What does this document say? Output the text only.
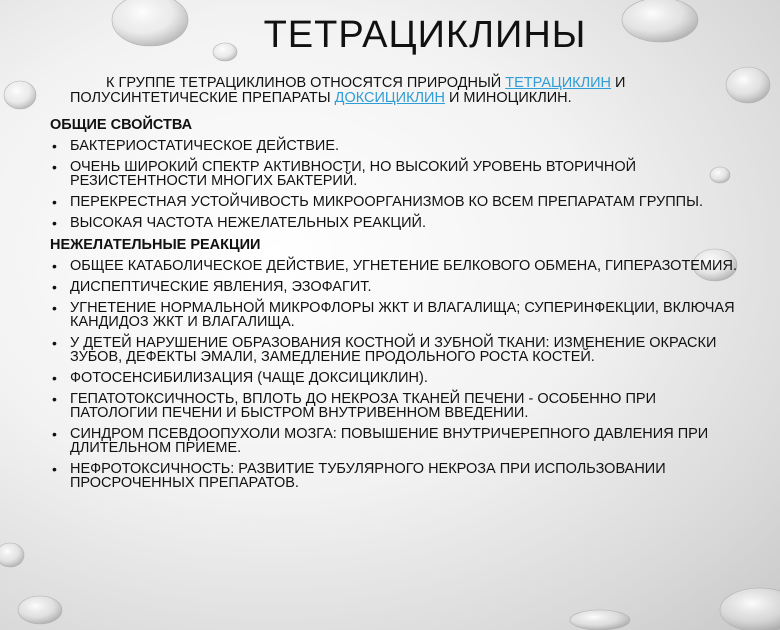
ТЕТРАЦИКЛИНЫ
К ГРУППЕ ТЕТРАЦИКЛИНОВ ОТНОСЯТСЯ ПРИРОДНЫЙ ТЕТРАЦИКЛИН И ПОЛУСИНТЕТИЧЕСКИЕ ПРЕПАРАТЫ ДОКСИЦИКЛИН И МИНОЦИКЛИН.
ОБЩИЕ СВОЙСТВА
• БАКТЕРИОСТАТИЧЕСКОЕ ДЕЙСТВИЕ.
• ОЧЕНЬ ШИРОКИЙ СПЕКТР АКТИВНОСТИ, НО ВЫСОКИЙ УРОВЕНЬ ВТОРИЧНОЙ РЕЗИСТЕНТНОСТИ МНОГИХ БАКТЕРИЙ.
• ПЕРЕКРЕСТНАЯ УСТОЙЧИВОСТЬ МИКРООРГАНИЗМОВ КО ВСЕМ ПРЕПАРАТАМ ГРУППЫ.
• ВЫСОКАЯ ЧАСТОТА НЕЖЕЛАТЕЛЬНЫХ РЕАКЦИЙ.
НЕЖЕЛАТЕЛЬНЫЕ РЕАКЦИИ
• ОБЩЕЕ КАТАБОЛИЧЕСКОЕ ДЕЙСТВИЕ, УГНЕТЕНИЕ БЕЛКОВОГО ОБМЕНА, ГИПЕРАЗОТЕМИЯ.
• ДИСПЕПТИЧЕСКИЕ ЯВЛЕНИЯ, ЭЗОФАГИТ.
• УГНЕТЕНИЕ НОРМАЛЬНОЙ МИКРОФЛОРЫ ЖКТ И ВЛАГАЛИЩА; СУПЕРИНФЕКЦИИ, ВКЛЮЧАЯ КАНДИДОЗ ЖКТ И ВЛАГАЛИЩА.
• У ДЕТЕЙ НАРУШЕНИЕ ОБРАЗОВАНИЯ КОСТНОЙ И ЗУБНОЙ ТКАНИ: ИЗМЕНЕНИЕ ОКРАСКИ ЗУБОВ, ДЕФЕКТЫ ЭМАЛИ, ЗАМЕДЛЕНИЕ ПРОДОЛЬНОГО РОСТА КОСТЕЙ.
• ФОТОСЕНСИБИЛИЗАЦИЯ (ЧАЩЕ ДОКСИЦИКЛИН).
• ГЕПАТОТОКСИЧНОСТЬ, ВПЛОТЬ ДО НЕКРОЗА ТКАНЕЙ ПЕЧЕНИ - ОСОБЕННО ПРИ ПАТОЛОГИИ ПЕЧЕНИ И БЫСТРОМ ВНУТРИВЕННОМ ВВЕДЕНИИ.
• СИНДРОМ ПСЕВДООПУХОЛИ МОЗГА: ПОВЫШЕНИЕ ВНУТРИЧЕРЕПНОГО ДАВЛЕНИЯ ПРИ ДЛИТЕЛЬНОМ ПРИЕМЕ.
• НЕФРОТОКСИЧНОСТЬ: РАЗВИТИЕ ТУБУЛЯРНОГО НЕКРОЗА ПРИ ИСПОЛЬЗОВАНИИ ПРОСРОЧЕННЫХ ПРЕПАРАТОВ.
